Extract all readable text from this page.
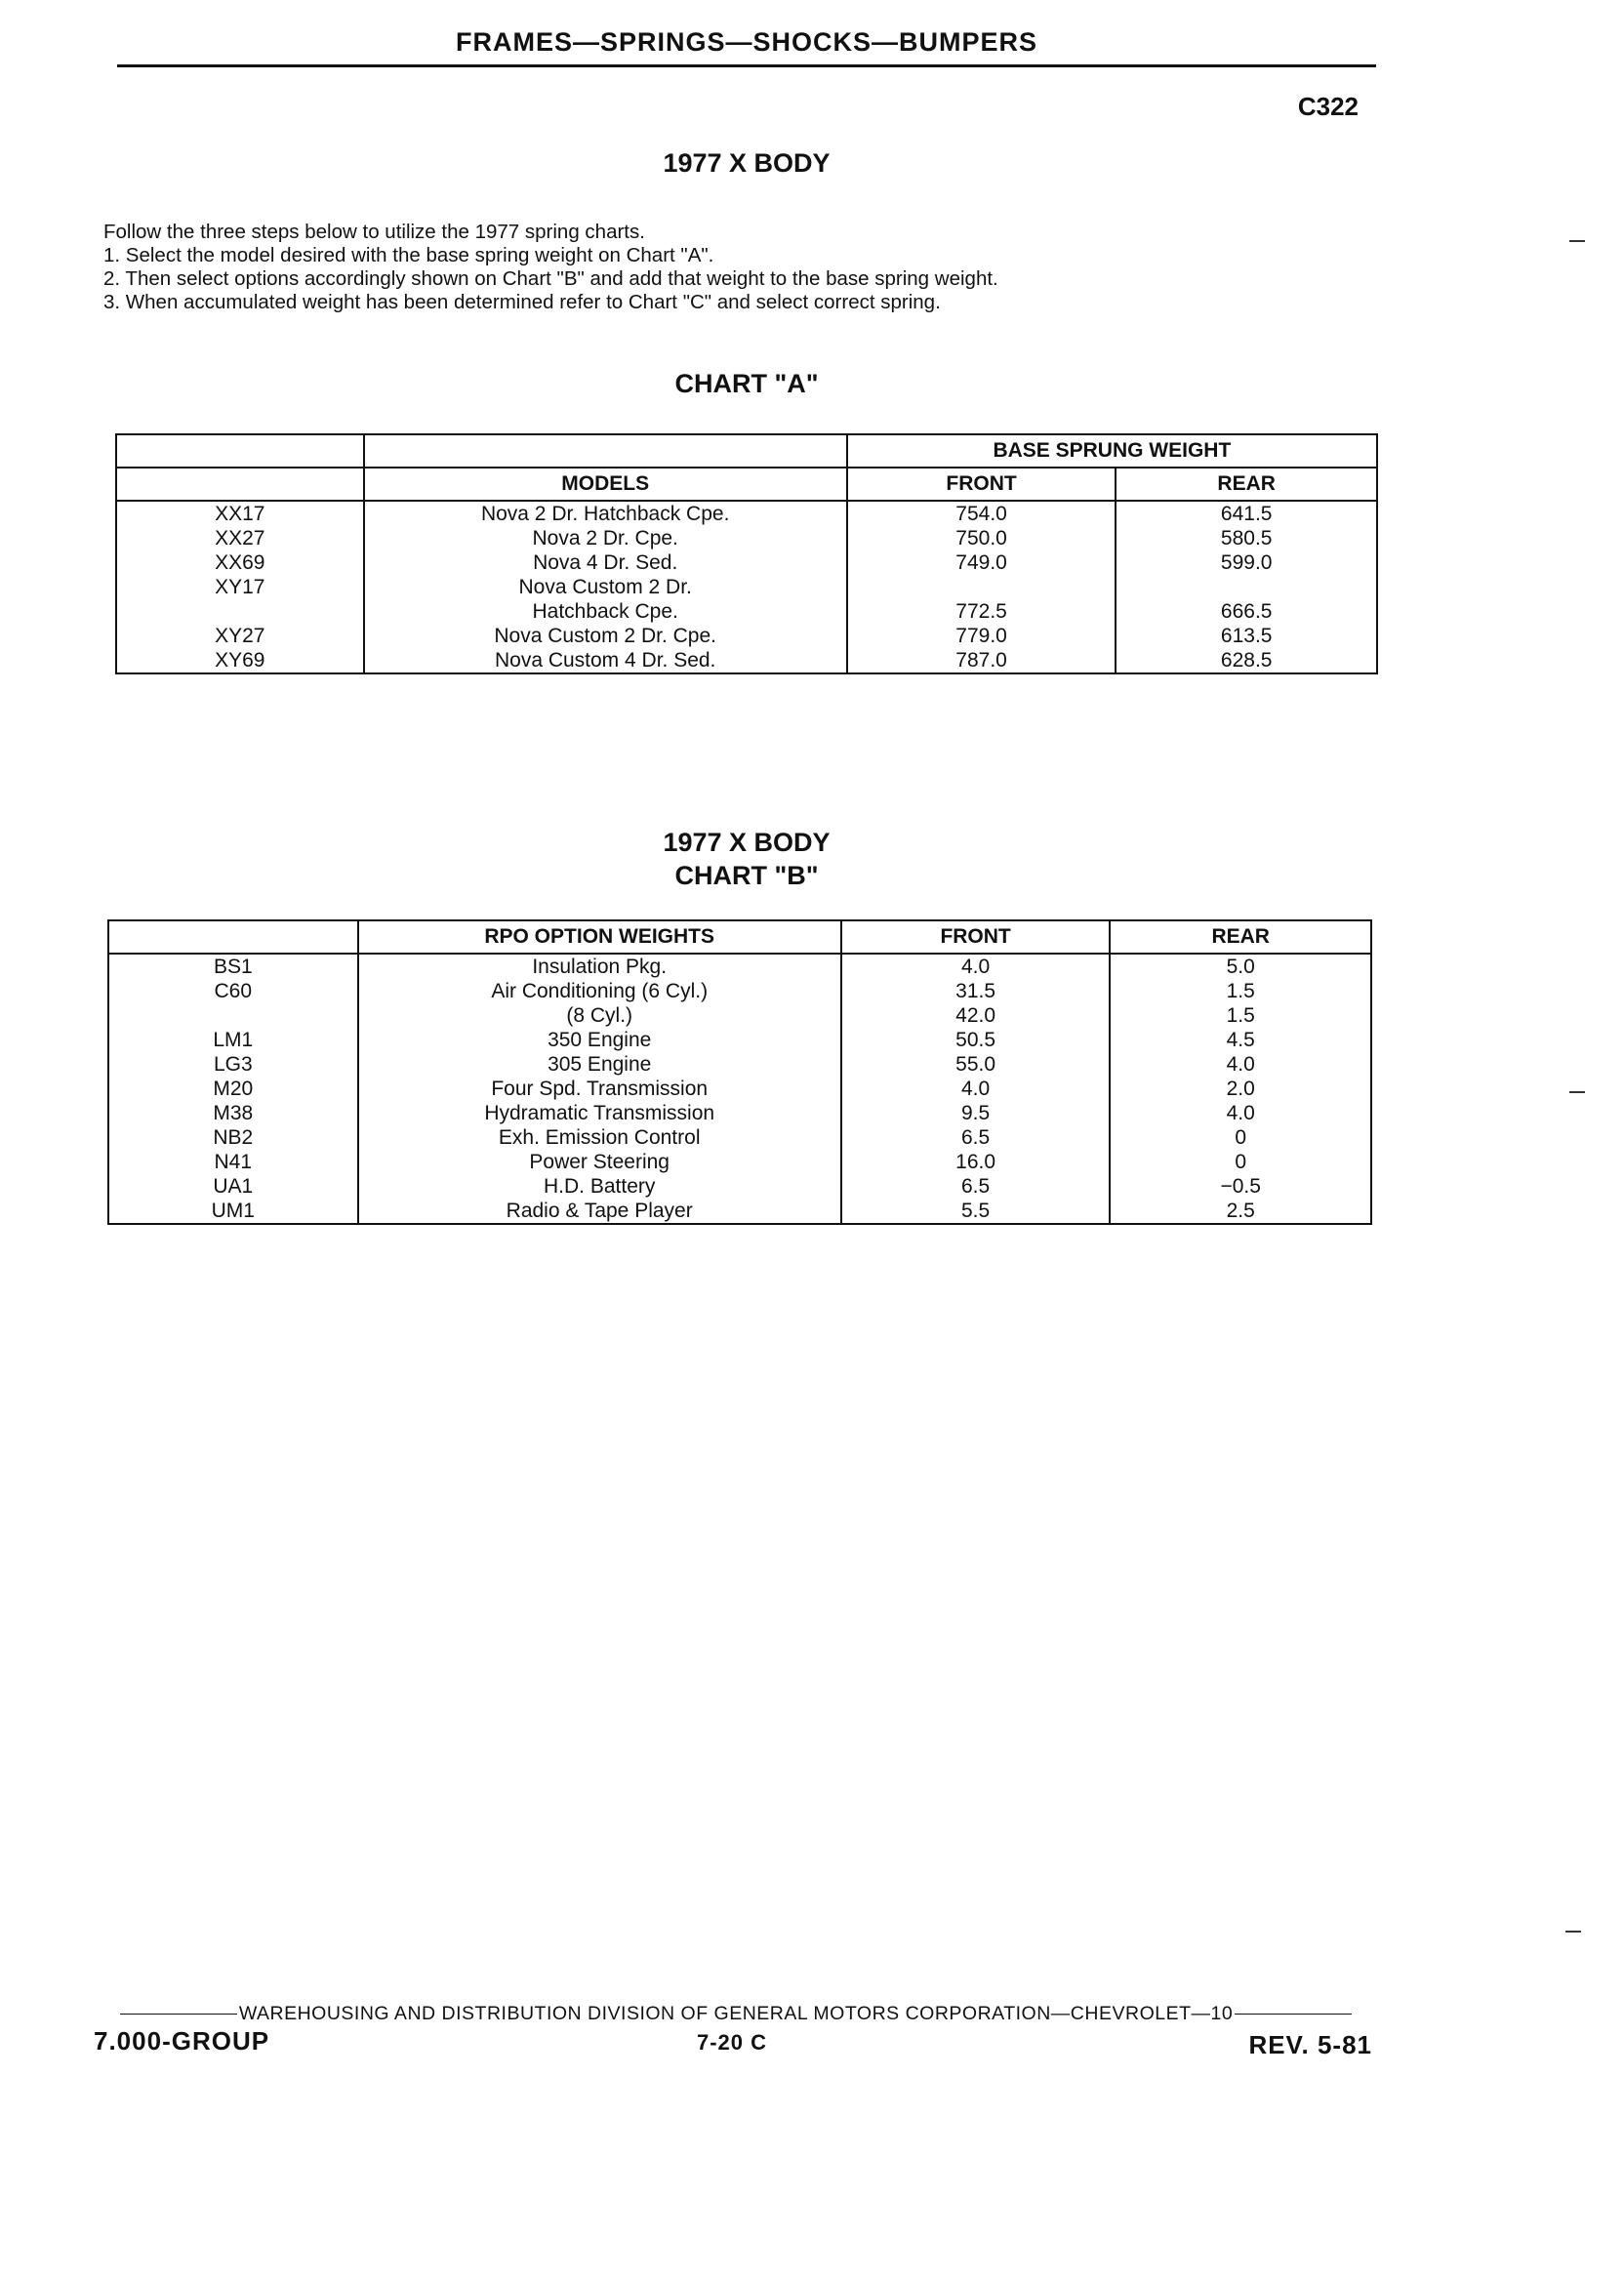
FRAMES—SPRINGS—SHOCKS—BUMPERS
C322
1977 X BODY
Follow the three steps below to utilize the 1977 spring charts.
1. Select the model desired with the base spring weight on Chart "A".
2. Then select options accordingly shown on Chart "B" and add that weight to the base spring weight.
3. When accumulated weight has been determined refer to Chart "C" and select correct spring.
CHART "A"
		BASE SPRUNG WEIGHT	
	MODELS	FRONT	REAR
XX17	Nova 2 Dr. Hatchback Cpe.	754.0	641.5
XX27	Nova 2 Dr. Cpe.	750.0	580.5
XX69	Nova 4 Dr. Sed.	749.0	599.0
XY17	Nova Custom 2 Dr.		
	Hatchback Cpe.	772.5	666.5
XY27	Nova Custom 2 Dr. Cpe.	779.0	613.5
XY69	Nova Custom 4 Dr. Sed.	787.0	628.5
1977 X BODY
CHART "B"
	RPO OPTION WEIGHTS	FRONT	REAR
BS1	Insulation Pkg.	4.0	5.0
C60	Air Conditioning (6 Cyl.)	31.5	1.5
	(8 Cyl.)	42.0	1.5
LM1	350 Engine	50.5	4.5
LG3	305 Engine	55.0	4.0
M20	Four Spd. Transmission	4.0	2.0
M38	Hydramatic Transmission	9.5	4.0
NB2	Exh. Emission Control	6.5	0
N41	Power Steering	16.0	0
UA1	H.D. Battery	6.5	−0.5
UM1	Radio & Tape Player	5.5	2.5
WAREHOUSING AND DISTRIBUTION DIVISION OF GENERAL MOTORS CORPORATION—CHEVROLET—10
7.000-GROUP	7-20 C	REV. 5-81
